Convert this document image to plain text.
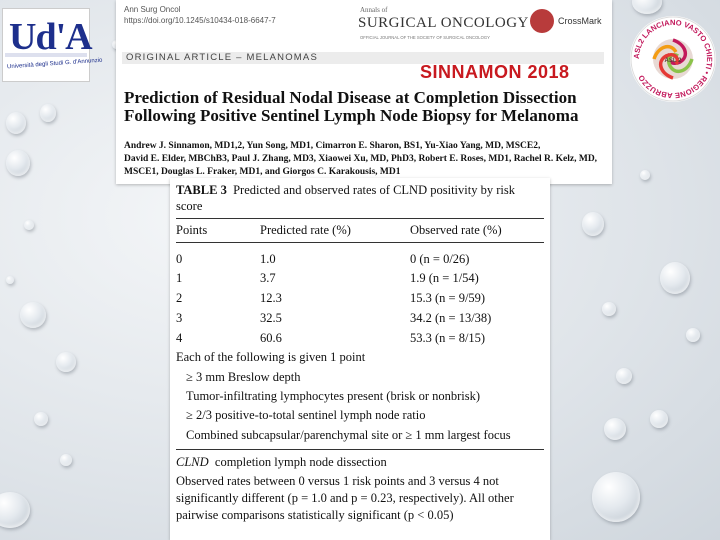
Ud'A
Università degli Studi G. d'Annunzio
ASL2 LANCIANO VASTO CHIETI • REGIONE ABRUZZO
ASL 2
Ann Surg Oncol
https://doi.org/10.1245/s10434-018-6647-7
Annals of
SURGICAL ONCOLOGY
OFFICIAL JOURNAL OF THE SOCIETY OF SURGICAL ONCOLOGY
CrossMark
ORIGINAL ARTICLE – MELANOMAS
SINNAMON 2018
Prediction of Residual Nodal Disease at Completion Dissection
Following Positive Sentinel Lymph Node Biopsy for Melanoma
Andrew J. Sinnamon, MD1,2, Yun Song, MD1, Cimarron E. Sharon, BS1, Yu-Xiao Yang, MD, MSCE2,
David E. Elder, MBChB3, Paul J. Zhang, MD3, Xiaowei Xu, MD, PhD3, Robert E. Roses, MD1, Rachel R. Kelz, MD,
MSCE1, Douglas L. Fraker, MD1, and Giorgos C. Karakousis, MD1
TABLE 3 Predicted and observed rates of CLND positivity by risk
score
Points	Predicted rate (%)	Observed rate (%)
0	1.0	0 (n = 0/26)
1	3.7	1.9 (n = 1/54)
2	12.3	15.3 (n = 9/59)
3	32.5	34.2 (n = 13/38)
4	60.6	53.3 (n = 8/15)
Each of the following is given 1 point
≥ 3 mm Breslow depth
Tumor-infiltrating lymphocytes present (brisk or nonbrisk)
≥ 2/3 positive-to-total sentinel lymph node ratio
Combined subcapsular/parenchymal site or ≥ 1 mm largest focus
CLND completion lymph node dissection
Observed rates between 0 versus 1 risk points and 3 versus 4 not
significantly different (p = 1.0 and p = 0.23, respectively). All other
pairwise comparisons statistically significant (p < 0.05)
